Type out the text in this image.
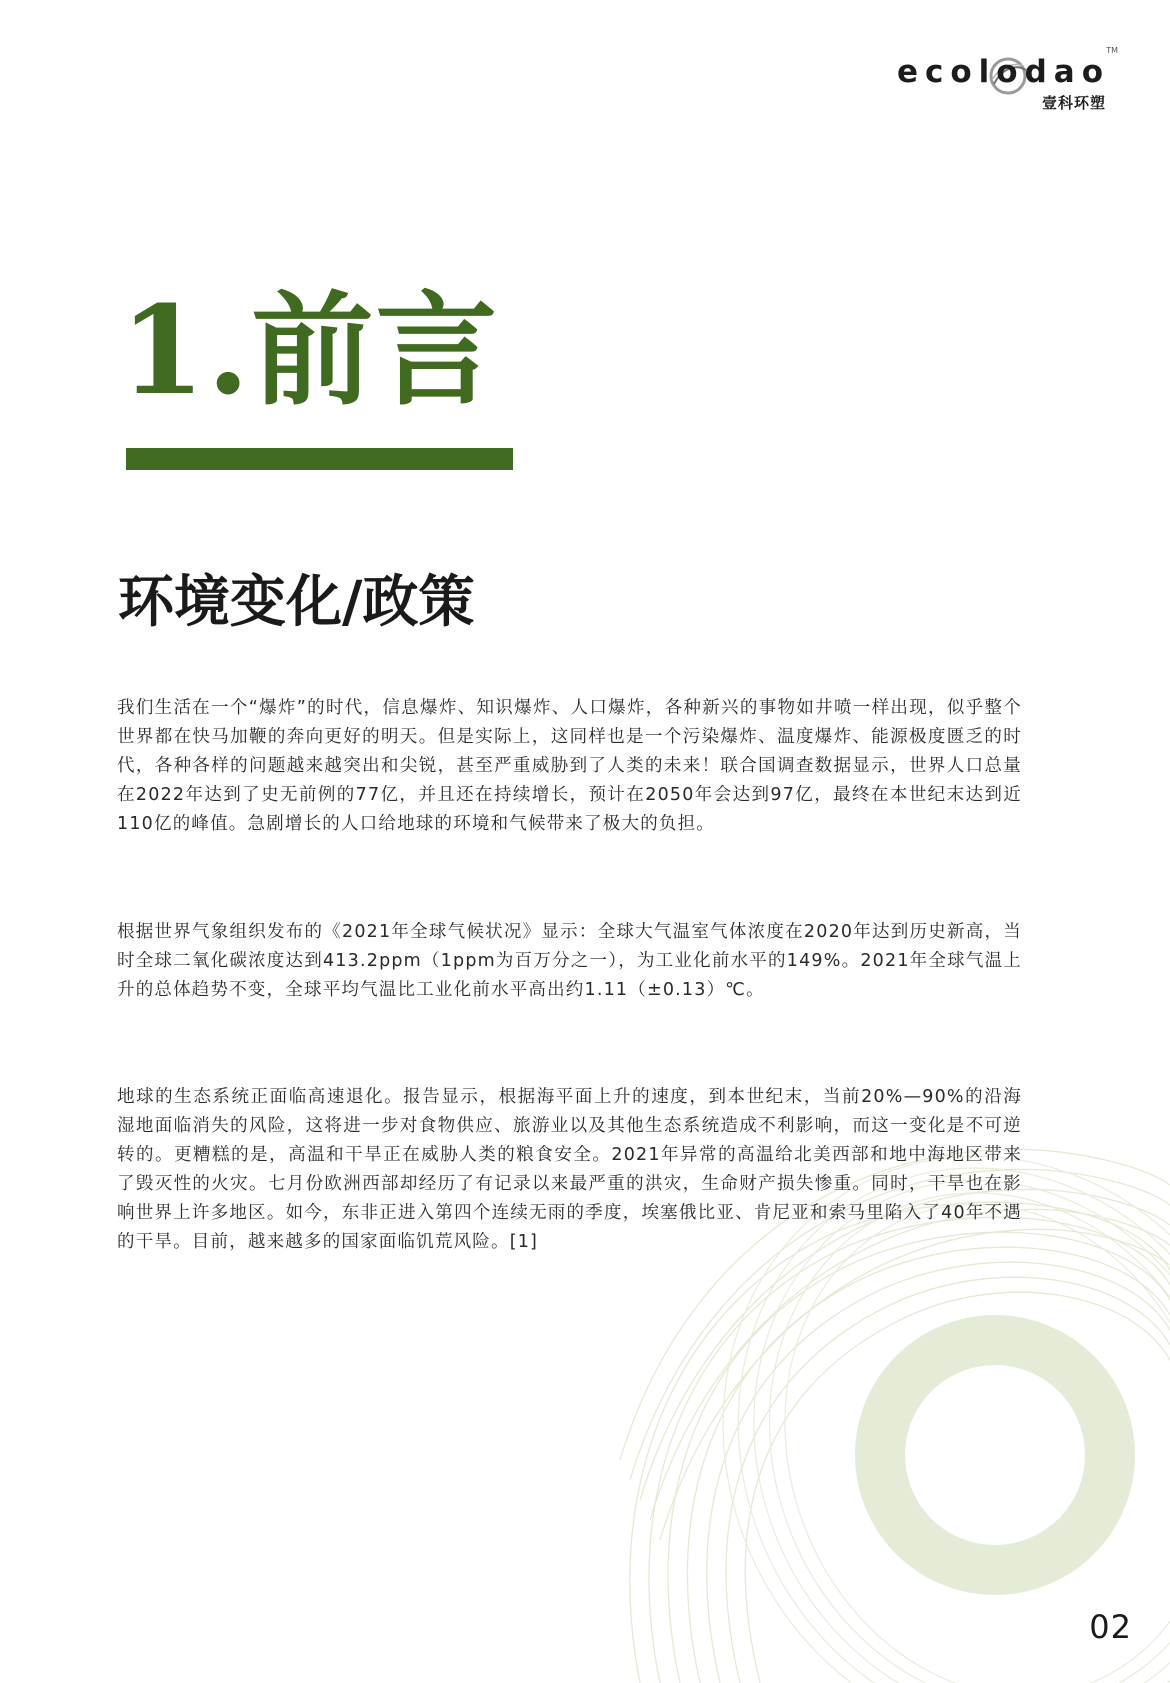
ecolodao
TM
壹科环塑
1.前言
环境变化/政策

我们生活在一个“爆炸”的时代，信息爆炸、知识爆炸、人口爆炸，各种新兴的事物如井喷一样出现，似乎整个世界都在快马加鞭的奔向更好的明天。但是实际上，这同样也是一个污染爆炸、温度爆炸、能源极度匮乏的时代，各种各样的问题越来越突出和尖锐，甚至严重威胁到了人类的未来！联合国调查数据显示，世界人口总量在2022年达到了史无前例的77亿，并且还在持续增长，预计在2050年会达到97亿，最终在本世纪末达到近110亿的峰值。急剧增长的人口给地球的环境和气候带来了极大的负担。

根据世界气象组织发布的《2021年全球气候状况》显示：全球大气温室气体浓度在2020年达到历史新高，当时全球二氧化碳浓度达到413.2ppm（1ppm为百万分之一），为工业化前水平的149%。2021年全球气温上升的总体趋势不变，全球平均气温比工业化前水平高出约1.11（±0.13）℃。

地球的生态系统正面临高速退化。报告显示，根据海平面上升的速度，到本世纪末，当前20%—90%的沿海湿地面临消失的风险，这将进一步对食物供应、旅游业以及其他生态系统造成不利影响，而这一变化是不可逆转的。更糟糕的是，高温和干旱正在威胁人类的粮食安全。2021年异常的高温给北美西部和地中海地区带来了毁灭性的火灾。七月份欧洲西部却经历了有记录以来最严重的洪灾，生命财产损失惨重。同时，干旱也在影响世界上许多地区。如今，东非正进入第四个连续无雨的季度，埃塞俄比亚、肯尼亚和索马里陷入了40年不遇的干旱。目前，越来越多的国家面临饥荒风险。[1]

02
